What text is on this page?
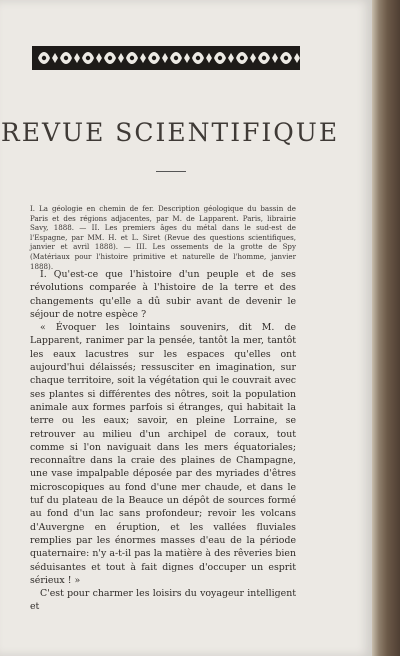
REVUE SCIENTIFIQUE
I. La géologie en chemin de fer. Description géologique du bassin de Paris et des régions adjacentes, par M. de Lapparent. Paris, librairie Savy, 1888. — II. Les premiers âges du métal dans le sud-est de l'Espagne, par MM. H. et L. Siret (Revue des questions scientifiques, janvier et avril 1888). — III. Les ossements de la grotte de Spy (Matériaux pour l'histoire primitive et naturelle de l'homme, janvier 1888).

I. Qu'est-ce que l'histoire d'un peuple et de ses révolutions comparée à l'histoire de la terre et des changements qu'elle a dû subir avant de devenir le séjour de notre espèce ?

« Évoquer les lointains souvenirs, dit M. de Lapparent, ranimer par la pensée, tantôt la mer, tantôt les eaux lacustres sur les espaces qu'elles ont aujourd'hui délaissés; ressusciter en imagination, sur chaque territoire, soit la végétation qui le couvrait avec ses plantes si différentes des nôtres, soit la population animale aux formes parfois si étranges, qui habitait la terre ou les eaux; savoir, en pleine Lorraine, se retrouver au milieu d'un archipel de coraux, tout comme si l'on naviguait dans les mers équatoriales; reconnaître dans la craie des plaines de Champagne, une vase impalpable déposée par des myriades d'êtres microscopiques au fond d'une mer chaude, et dans le tuf du plateau de la Beauce un dépôt de sources formé au fond d'un lac sans profondeur; revoir les volcans d'Auvergne en éruption, et les vallées fluviales remplies par les énormes masses d'eau de la période quaternaire: n'y a-t-il pas la matière à des rêveries bien séduisantes et tout à fait dignes d'occuper un esprit sérieux ! »

C'est pour charmer les loisirs du voyageur intelligent et
